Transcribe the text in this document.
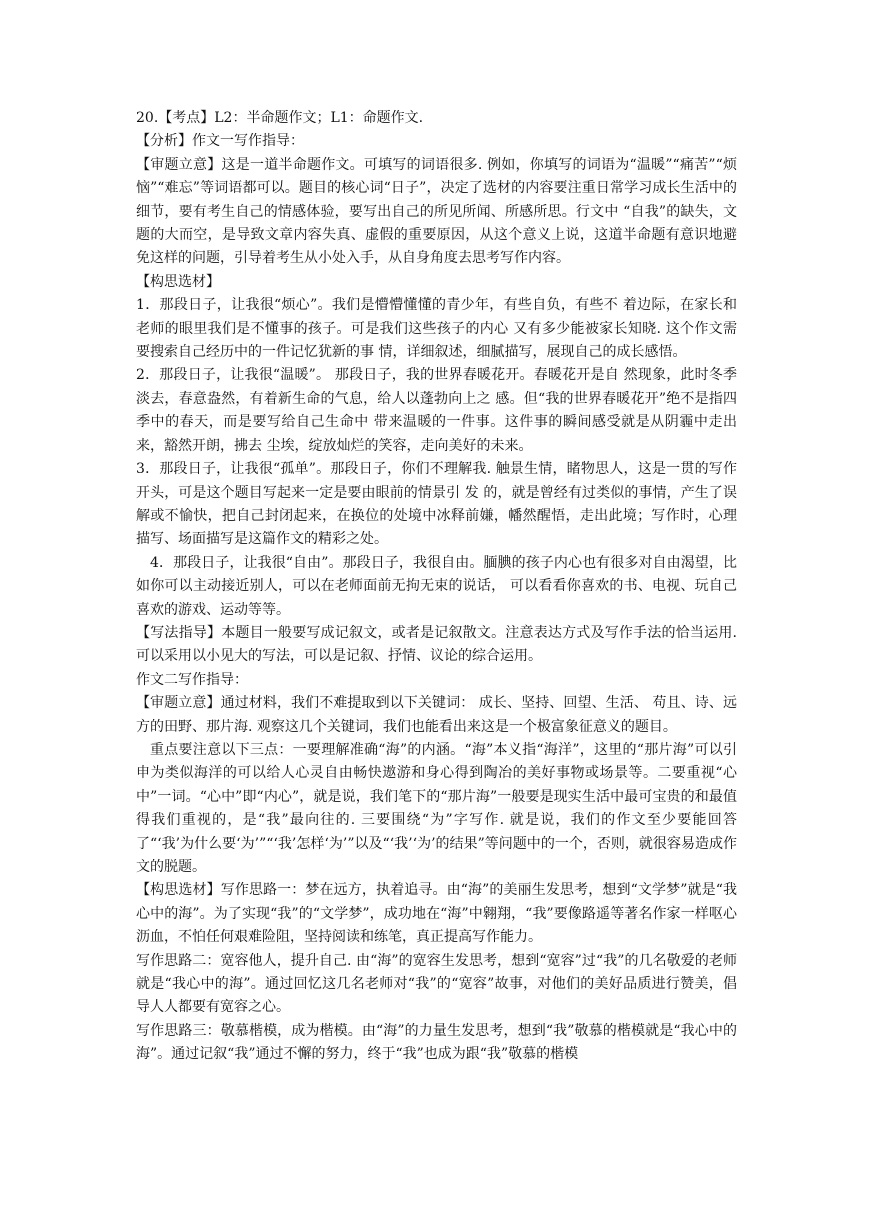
20.【考点】L2：半命题作文；L1：命题作文.

【分析】作文一写作指导：

【审题立意】这是一道半命题作文。可填写的词语很多. 例如，你填写的词语为“温暖”“痛苦”“烦恼”“难忘”等词语都可以。题目的核心词“日子”，决定了选材的内容要注重日常学习成长生活中的细节，要有考生自己的情感体验，要写出自己的所见所闻、所感所思。行文中 “自我”的缺失，文题的大而空，是导致文章内容失真、虚假的重要原因，从这个意义上说，这道半命题有意识地避免这样的问题，引导着考生从小处入手，从自身角度去思考写作内容。

【构思选材】

1．那段日子，让我很“烦心”。我们是懵懵懂懂的青少年，有些自负，有些不 着边际，在家长和老师的眼里我们是不懂事的孩子。可是我们这些孩子的内心 又有多少能被家长知晓. 这个作文需要搜索自己经历中的一件记忆犹新的事 情，详细叙述，细腻描写，展现自己的成长感悟。

2．那段日子，让我很“温暖”。 那段日子，我的世界春暖花开。春暖花开是自 然现象，此时冬季淡去，春意盎然，有着新生命的气息，给人以蓬勃向上之 感。但“我的世界春暖花开”绝不是指四季中的春天，而是要写给自己生命中 带来温暖的一件事。这件事的瞬间感受就是从阴霾中走出来，豁然开朗，拂去 尘埃，绽放灿烂的笑容，走向美好的未来。

3．那段日子，让我很“孤单”。那段日子，你们不理解我. 触景生情，睹物思人，这是一贯的写作开头，可是这个题目写起来一定是要由眼前的情景引 发 的，就是曾经有过类似的事情，产生了误解或不愉快，把自己封闭起来，在换位的处境中冰释前嫌，幡然醒悟，走出此境；写作时，心理描写、场面描写是这篇作文的精彩之处。

4．那段日子，让我很“自由”。那段日子，我很自由。腼腆的孩子内心也有很多对自由渴望，比如你可以主动接近别人，可以在老师面前无拘无束的说话， 可以看看你喜欢的书、电视、玩自己喜欢的游戏、运动等等。

【写法指导】本题目一般要写成记叙文，或者是记叙散文。注意表达方式及写作手法的恰当运用. 可以采用以小见大的写法，可以是记叙、抒情、议论的综合运用。

作文二写作指导：

【审题立意】通过材料，我们不难提取到以下关键词： 成长、坚持、回望、生活、 苟且、诗、远方的田野、那片海. 观察这几个关键词，我们也能看出来这是一个极富象征意义的题目。

重点要注意以下三点：一要理解准确“海”的内涵。“海”本义指“海洋”，这里的“那片海”可以引申为类似海洋的可以给人心灵自由畅快遨游和身心得到陶冶的美好事物或场景等。二要重视“心中”一词。“心中”即“内心”，就是说，我们笔下的“那片海”一般要是现实生活中最可宝贵的和最值得我们重视的，是“我”最向往的. 三要围绕“为”字写作. 就是说，我们的作文至少要能回答了“‘我’为什么要‘为’”“‘我’怎样‘为’”以及“‘我’‘为’的结果”等问题中的一个，否则，就很容易造成作文的脱题。

【构思选材】写作思路一：梦在远方，执着追寻。由“海”的美丽生发思考，想到“文学梦”就是“我心中的海”。为了实现“我”的“文学梦”，成功地在“海”中翱翔，“我”要像路遥等著名作家一样呕心沥血，不怕任何艰难险阻，坚持阅读和练笔，真正提高写作能力。

写作思路二：宽容他人，提升自己. 由“海”的宽容生发思考，想到“宽容”过“我”的几名敬爱的老师就是“我心中的海”。通过回忆这几名老师对“我”的“宽容”故事，对他们的美好品质进行赞美，倡导人人都要有宽容之心。

写作思路三：敬慕楷模，成为楷模。由“海”的力量生发思考，想到“我”敬慕的楷模就是“我心中的海”。通过记叙“我”通过不懈的努力，终于“我”也成为跟“我”敬慕的楷模
